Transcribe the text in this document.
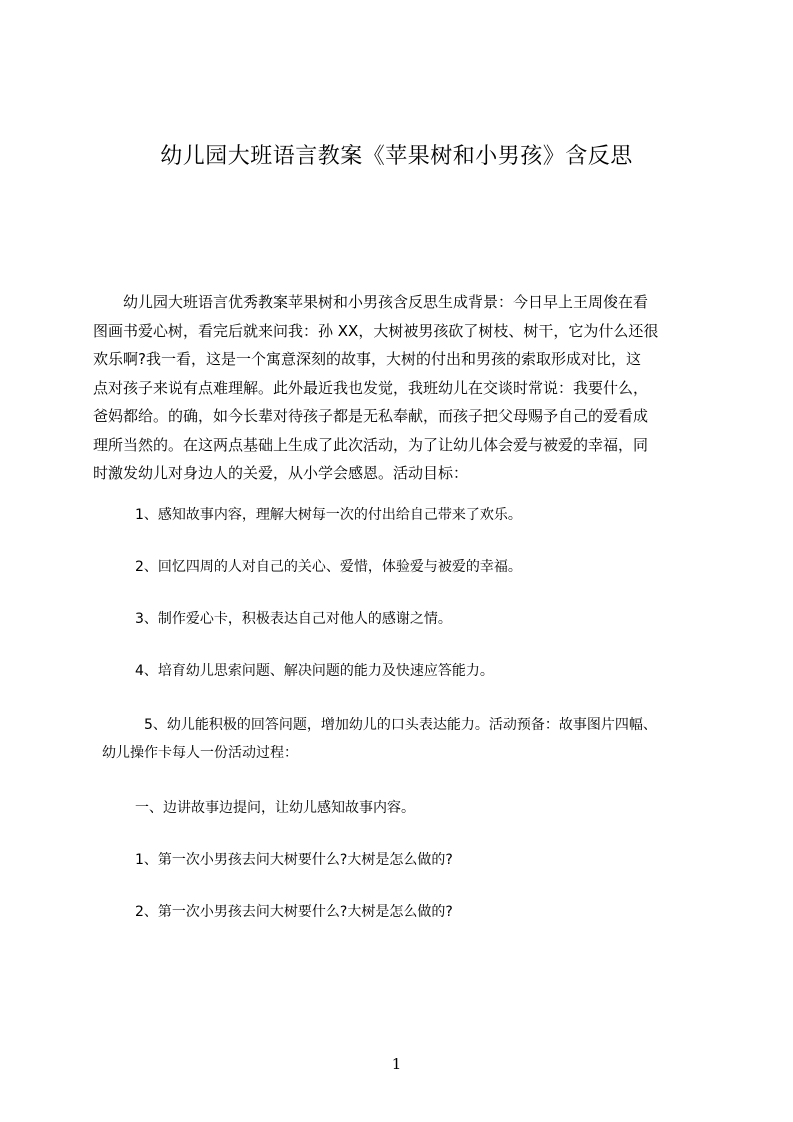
幼儿园大班语言教案《苹果树和小男孩》含反思
　　幼儿园大班语言优秀教案苹果树和小男孩含反思生成背景：今日早上王周俊在看
图画书爱心树，看完后就来问我：孙 XX，大树被男孩砍了树枝、树干，它为什么还很
欢乐啊?我一看，这是一个寓意深刻的故事，大树的付出和男孩的索取形成对比，这
点对孩子来说有点难理解。此外最近我也发觉，我班幼儿在交谈时常说：我要什么，
爸妈都给。的确，如今长辈对待孩子都是无私奉献，而孩子把父母赐予自己的爱看成
理所当然的。在这两点基础上生成了此次活动，为了让幼儿体会爱与被爱的幸福，同
时激发幼儿对身边人的关爱，从小学会感恩。活动目标：
1、感知故事内容，理解大树每一次的付出给自己带来了欢乐。
2、回忆四周的人对自己的关心、爱惜，体验爱与被爱的幸福。
3、制作爱心卡，积极表达自己对他人的感谢之情。
4、培育幼儿思索问题、解决问题的能力及快速应答能力。
　　　5、幼儿能积极的回答问题，增加幼儿的口头表达能力。活动预备：故事图片四幅、
幼儿操作卡每人一份活动过程：
一、边讲故事边提问，让幼儿感知故事内容。
1、第一次小男孩去问大树要什么?大树是怎么做的?
2、第一次小男孩去问大树要什么?大树是怎么做的?
1
